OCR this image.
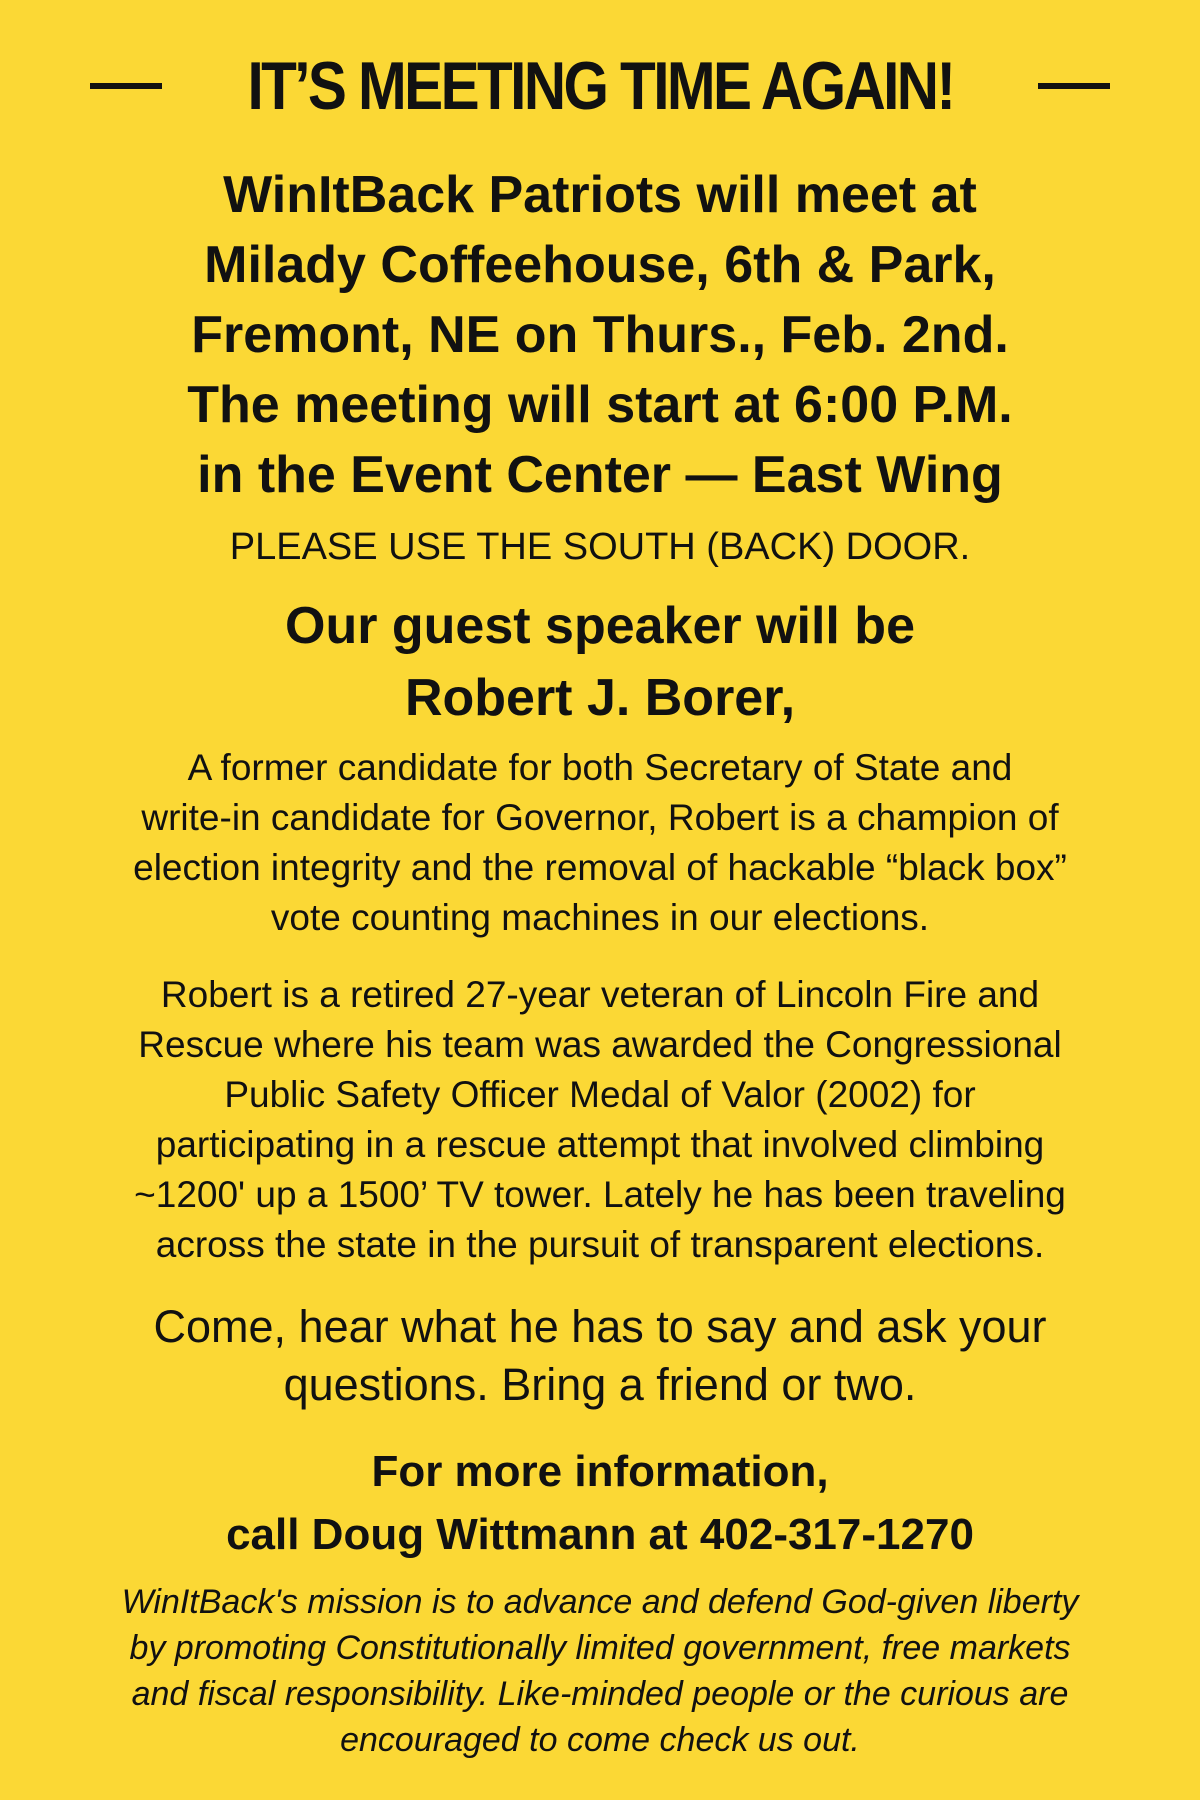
IT’S MEETING TIME AGAIN!
WinItBack Patriots will meet at
Milady Coffeehouse, 6th & Park,
Fremont, NE on Thurs., Feb. 2nd.
The meeting will start at 6:00 P.M.
in the Event Center — East Wing
PLEASE USE THE SOUTH (BACK) DOOR.
Our guest speaker will be
Robert J. Borer,
A former candidate for both Secretary of State and
write-in candidate for Governor, Robert is a champion of
election integrity and the removal of hackable “black box”
vote counting machines in our elections.
Robert is a retired 27-year veteran of Lincoln Fire and
Rescue where his team was awarded the Congressional
Public Safety Officer Medal of Valor (2002) for
participating in a rescue attempt that involved climbing
~1200' up a 1500’ TV tower. Lately he has been traveling
across the state in the pursuit of transparent elections.
Come, hear what he has to say and ask your
questions. Bring a friend or two.
For more information,
call Doug Wittmann at 402-317-1270
WinItBack's mission is to advance and defend God-given liberty
by promoting Constitutionally limited government, free markets
and fiscal responsibility. Like-minded people or the curious are
encouraged to come check us out.
